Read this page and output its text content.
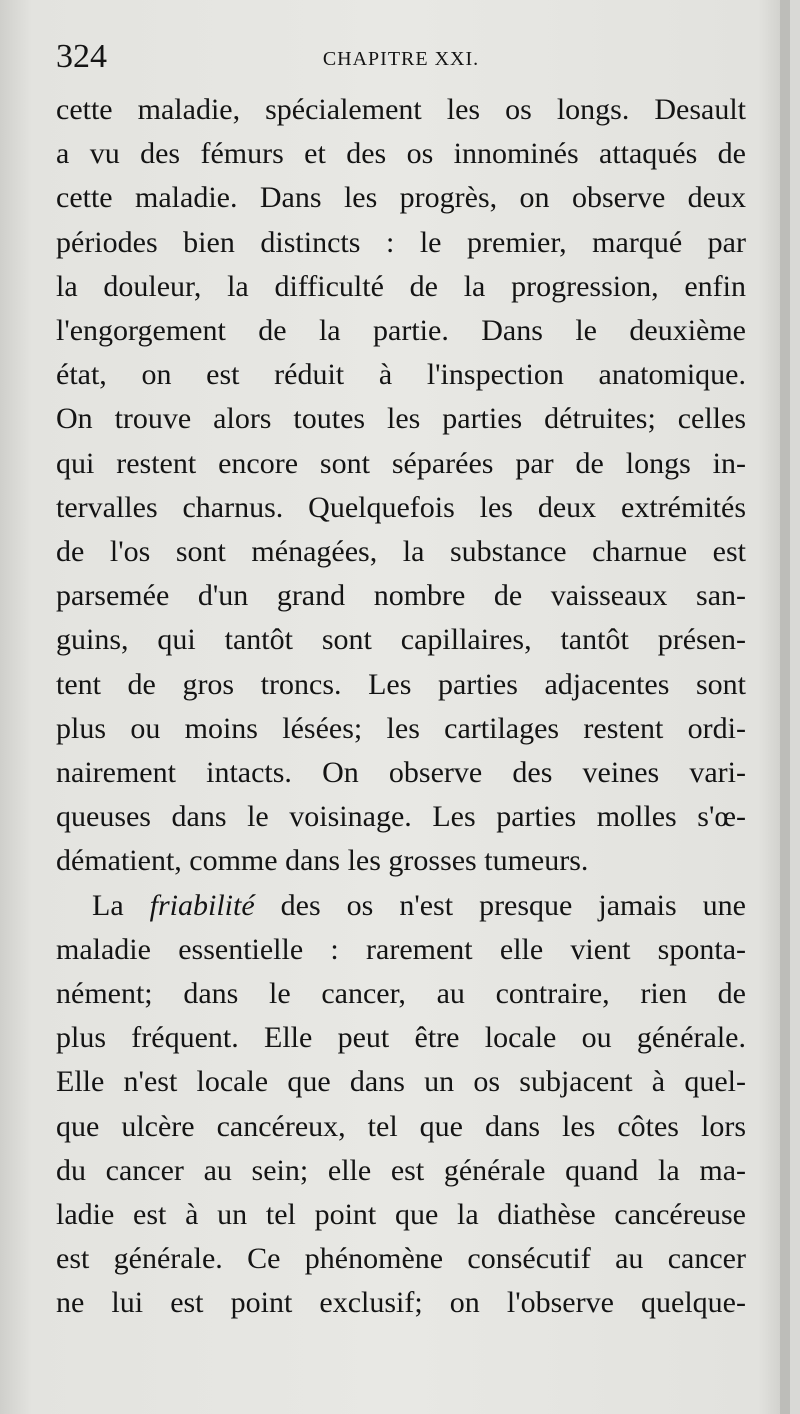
324	CHAPITRE XXI.
cette maladie, spécialement les os longs. Desault
a vu des fémurs et des os innominés attaqués de
cette maladie. Dans les progrès, on observe deux
périodes bien distincts : le premier, marqué par
la douleur, la difficulté de la progression, enfin
l'engorgement de la partie. Dans le deuxième
état, on est réduit à l'inspection anatomique.
On trouve alors toutes les parties détruites; celles
qui restent encore sont séparées par de longs in-
tervalles charnus. Quelquefois les deux extrémités
de l'os sont ménagées, la substance charnue est
parsemée d'un grand nombre de vaisseaux san-
guins, qui tantôt sont capillaires, tantôt présen-
tent de gros troncs. Les parties adjacentes sont
plus ou moins lésées; les cartilages restent ordi-
nairement intacts. On observe des veines vari-
queuses dans le voisinage. Les parties molles s'œ-
dématient, comme dans les grosses tumeurs.
La friabilité des os n'est presque jamais une
maladie essentielle : rarement elle vient sponta-
nément; dans le cancer, au contraire, rien de
plus fréquent. Elle peut être locale ou générale.
Elle n'est locale que dans un os subjacent à quel-
que ulcère cancéreux, tel que dans les côtes lors
du cancer au sein; elle est générale quand la ma-
ladie est à un tel point que la diathèse cancéreuse
est générale. Ce phénomène consécutif au cancer
ne lui est point exclusif; on l'observe quelque-
